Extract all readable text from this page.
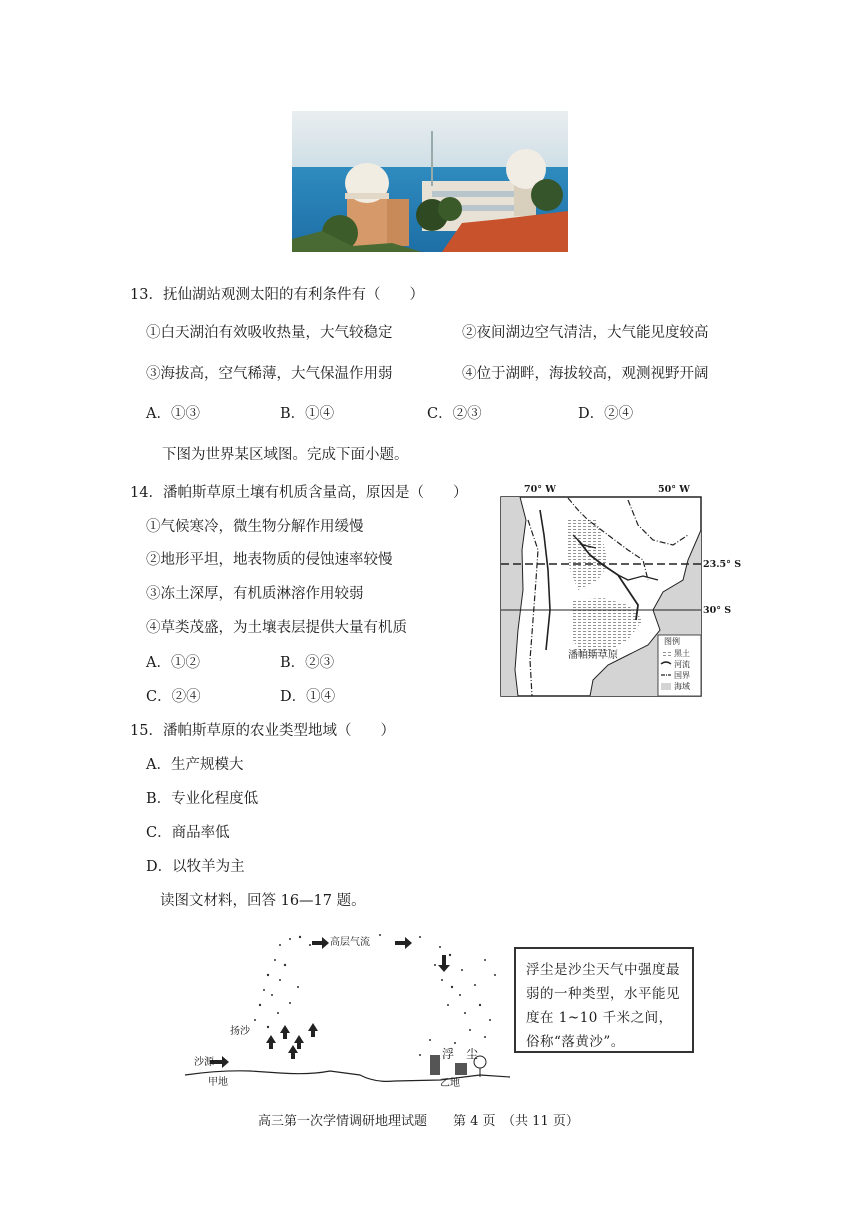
13．抚仙湖站观测太阳的有利条件有（　　）
①白天湖泊有效吸收热量，大气较稳定	②夜间湖边空气清洁，大气能见度较高
③海拔高，空气稀薄，大气保温作用弱	④位于湖畔，海拔较高，观测视野开阔
A．①③	B．①④	C．②③	D．②④
下图为世界某区域图。完成下面小题。
14．潘帕斯草原土壤有机质含量高，原因是（　　）
①气候寒冷，微生物分解作用缓慢
②地形平坦，地表物质的侵蚀速率较慢
③冻土深厚，有机质淋溶作用较弱
④草类茂盛，为土壤表层提供大量有机质
A．①②	B．②③
C．②④	D．①④
70° W	50° W
23.5° S
30° S
潘帕斯草原
图例
黑土
河流
国界
海域
15．潘帕斯草原的农业类型地域（　　）
A．生产规模大
B．专业化程度低
C．商品率低
D．以牧羊为主
读图文材料，回答 16—17 题。
高层气流
扬沙
沙源
甲地	乙地
浮　尘
浮尘是沙尘天气中强度最弱的一种类型，水平能见度在 1~10 千米之间，俗称“落黄沙”。
高三第一次学情调研地理试题　　第 4 页　（共 11 页）
